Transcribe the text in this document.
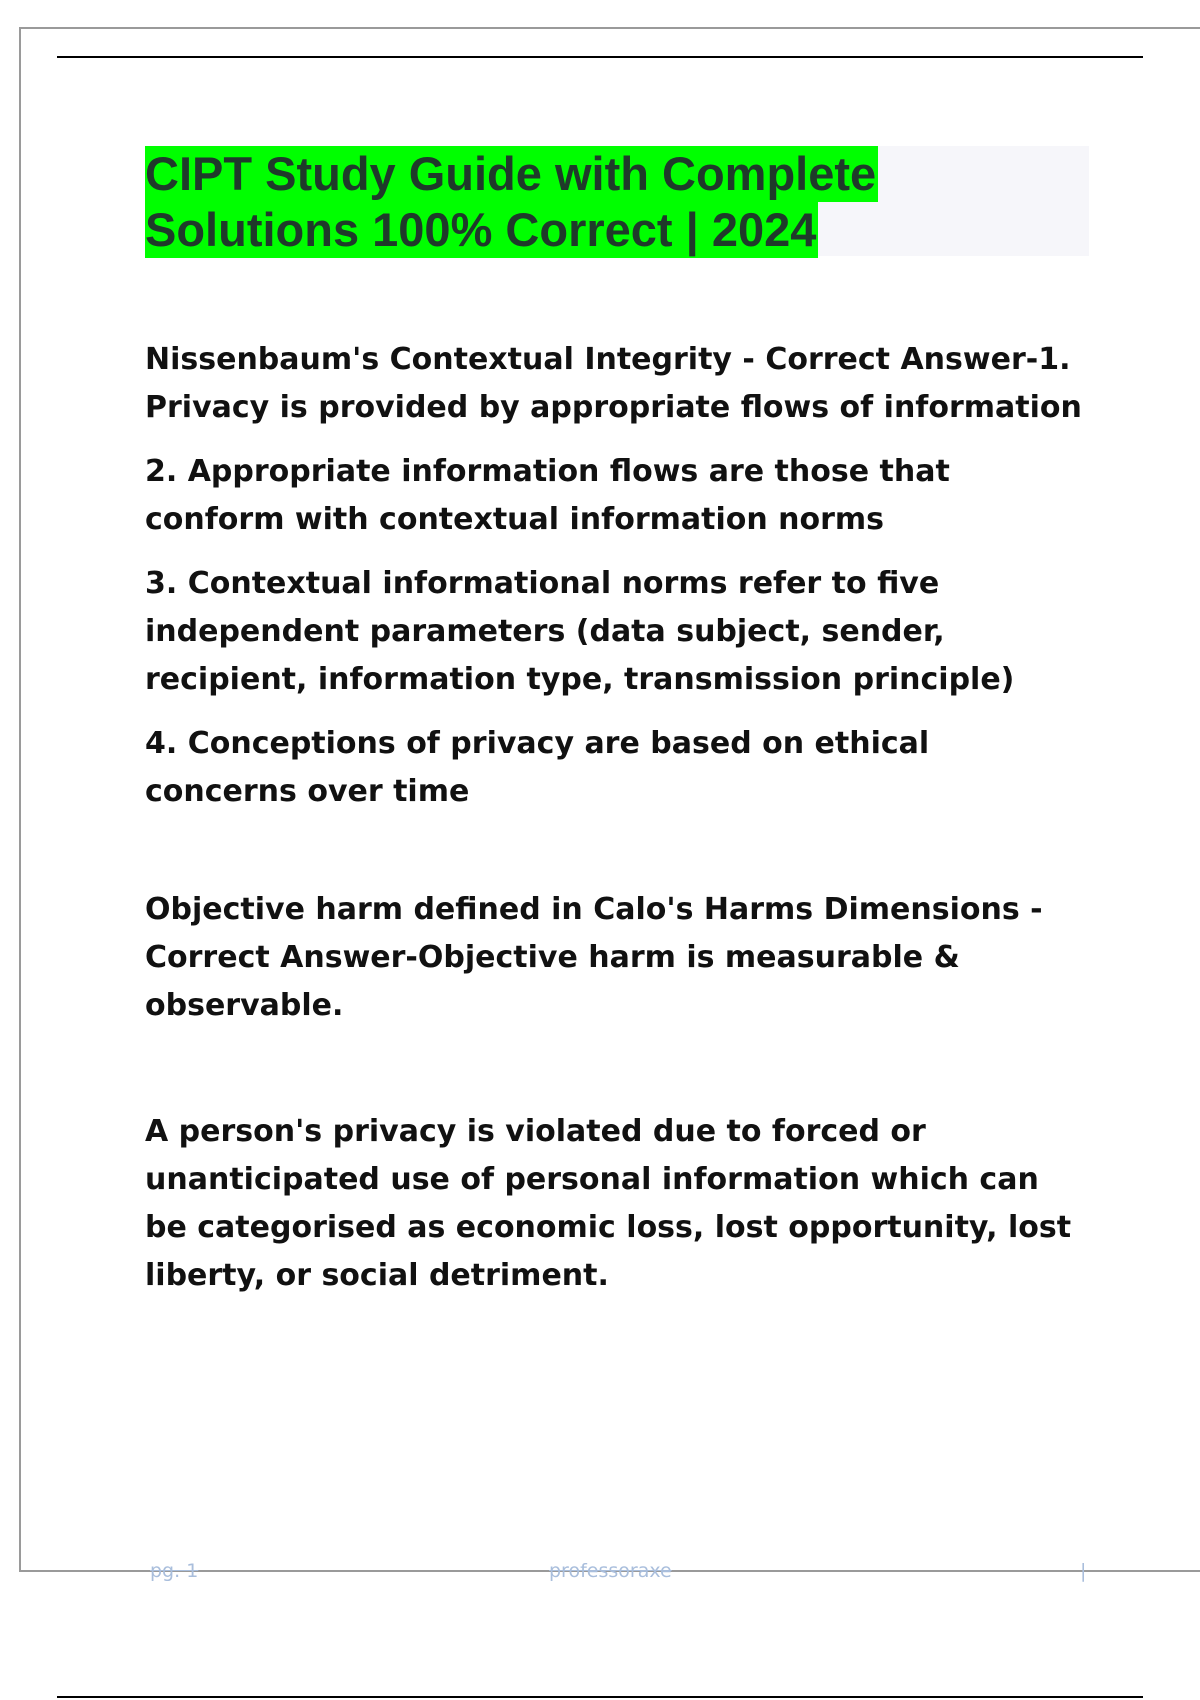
CIPT Study Guide with Complete
Solutions 100% Correct | 2024

Nissenbaum's Contextual Integrity - Correct Answer-1. Privacy is provided by appropriate flows of information

2. Appropriate information flows are those that conform with contextual information norms

3. Contextual informational norms refer to five independent parameters (data subject, sender, recipient, information type, transmission principle)

4. Conceptions of privacy are based on ethical concerns over time

Objective harm defined in Calo's Harms Dimensions - Correct Answer-Objective harm is measurable & observable.

A person's privacy is violated due to forced or unanticipated use of personal information which can be categorised as economic loss, lost opportunity, lost liberty, or social detriment.

pg. 1	professoraxe	|
